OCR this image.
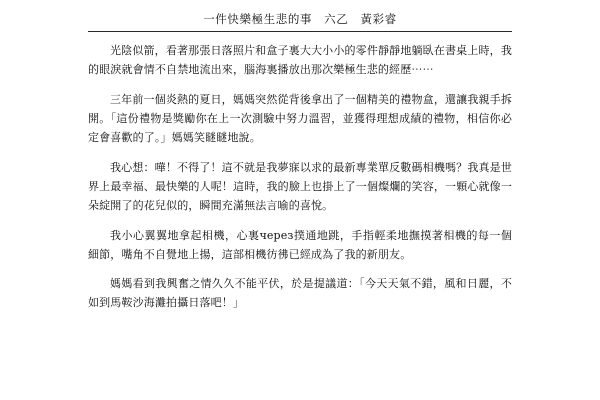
一件快樂極生悲的事　六乙　黃彩睿

光陰似箭，看著那張日落照片和盒子裏大大小小的零件靜靜地躺臥在書桌上時，我的眼淚就會情不自禁地流出來，腦海裏播放出那次樂極生悲的經歷⋯⋯

三年前一個炎熱的夏日，媽媽突然從背後拿出了一個精美的禮物盒，還讓我親手拆開。「這份禮物是獎勵你在上一次測驗中努力溫習，並獲得理想成績的禮物，相信你必定會喜歡的了。」媽媽笑瞇瞇地說。

我心想：嘩！不得了！這不就是我夢寐以求的最新專業單反數碼相機嗎？我真是世界上最幸福、最快樂的人呢！這時，我的臉上也掛上了一個燦爛的笑容，一顆心就像一朵綻開了的花兒似的，瞬間充滿無法言喻的喜悅。

我小心翼翼地拿起相機，心裏через撲通地跳，手指輕柔地撫摸著相機的每一個細節，嘴角不自覺地上揚，這部相機彷彿已經成為了我的新朋友。

媽媽看到我興奮之情久久不能平伏，於是提議道：「今天天氣不錯，風和日麗，不如到馬鞍沙海灘拍攝日落吧！」
